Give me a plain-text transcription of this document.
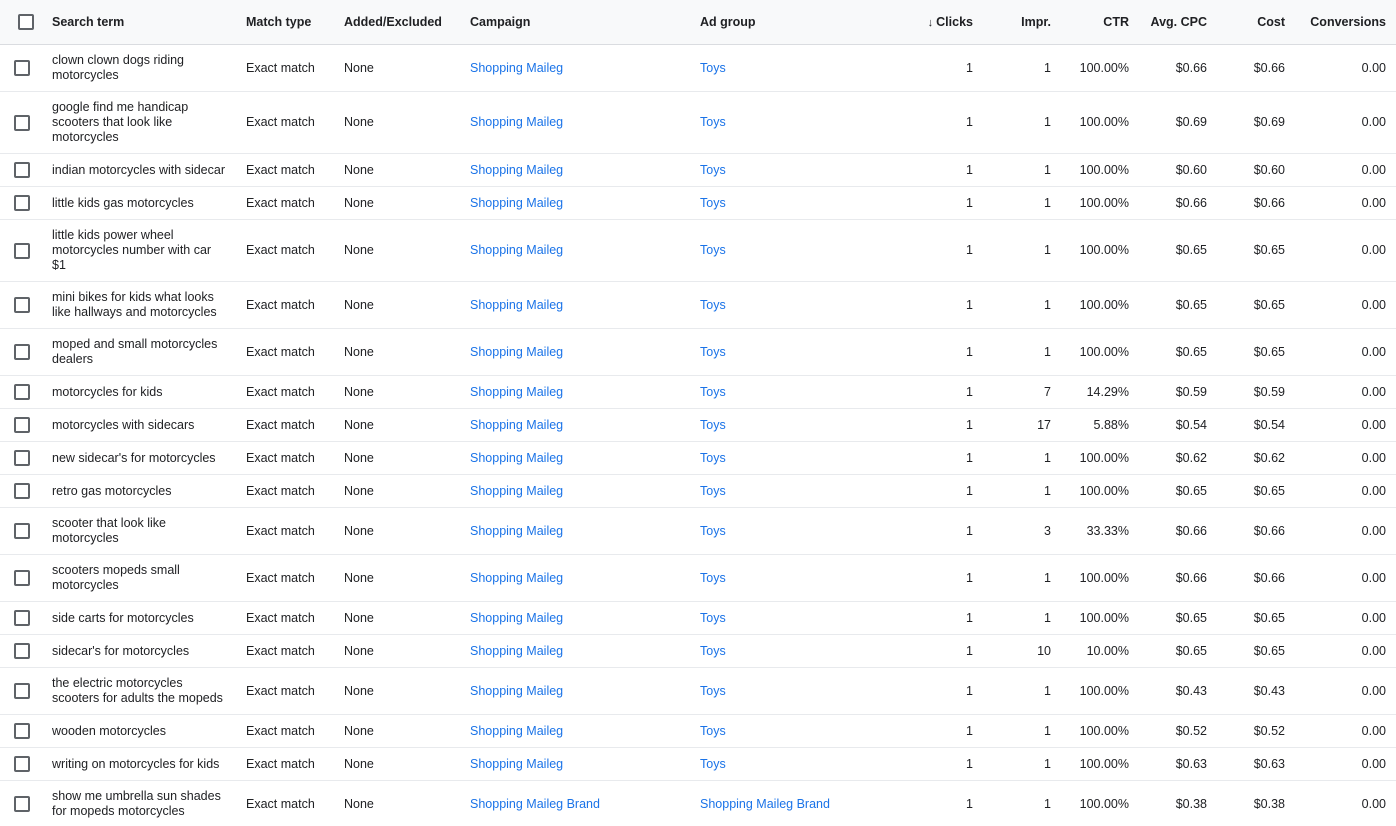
	Search term	Match type	Added/Excluded	Campaign	Ad group	↓ Clicks	Impr.	CTR	Avg. CPC	Cost	Conversions

	clown clown dogs riding motorcycles	Exact match	None	Shopping Maileg	Toys	1	1	100.00%	$0.66	$0.66	0.00

	google find me handicap scooters that look like motorcycles	Exact match	None	Shopping Maileg	Toys	1	1	100.00%	$0.69	$0.69	0.00

	indian motorcycles with sidecar	Exact match	None	Shopping Maileg	Toys	1	1	100.00%	$0.60	$0.60	0.00

	little kids gas motorcycles	Exact match	None	Shopping Maileg	Toys	1	1	100.00%	$0.66	$0.66	0.00

	little kids power wheel motorcycles number with car $1	Exact match	None	Shopping Maileg	Toys	1	1	100.00%	$0.65	$0.65	0.00

	mini bikes for kids what looks like hallways and motorcycles	Exact match	None	Shopping Maileg	Toys	1	1	100.00%	$0.65	$0.65	0.00

	moped and small motorcycles dealers	Exact match	None	Shopping Maileg	Toys	1	1	100.00%	$0.65	$0.65	0.00

	motorcycles for kids	Exact match	None	Shopping Maileg	Toys	1	7	14.29%	$0.59	$0.59	0.00

	motorcycles with sidecars	Exact match	None	Shopping Maileg	Toys	1	17	5.88%	$0.54	$0.54	0.00

	new sidecar's for motorcycles	Exact match	None	Shopping Maileg	Toys	1	1	100.00%	$0.62	$0.62	0.00

	retro gas motorcycles	Exact match	None	Shopping Maileg	Toys	1	1	100.00%	$0.65	$0.65	0.00

	scooter that look like motorcycles	Exact match	None	Shopping Maileg	Toys	1	3	33.33%	$0.66	$0.66	0.00

	scooters mopeds small motorcycles	Exact match	None	Shopping Maileg	Toys	1	1	100.00%	$0.66	$0.66	0.00

	side carts for motorcycles	Exact match	None	Shopping Maileg	Toys	1	1	100.00%	$0.65	$0.65	0.00

	sidecar's for motorcycles	Exact match	None	Shopping Maileg	Toys	1	10	10.00%	$0.65	$0.65	0.00

	the electric motorcycles scooters for adults the mopeds	Exact match	None	Shopping Maileg	Toys	1	1	100.00%	$0.43	$0.43	0.00

	wooden motorcycles	Exact match	None	Shopping Maileg	Toys	1	1	100.00%	$0.52	$0.52	0.00

	writing on motorcycles for kids	Exact match	None	Shopping Maileg	Toys	1	1	100.00%	$0.63	$0.63	0.00

	show me umbrella sun shades for mopeds motorcycles	Exact match	None	Shopping Maileg Brand	Shopping Maileg Brand	1	1	100.00%	$0.38	$0.38	0.00
